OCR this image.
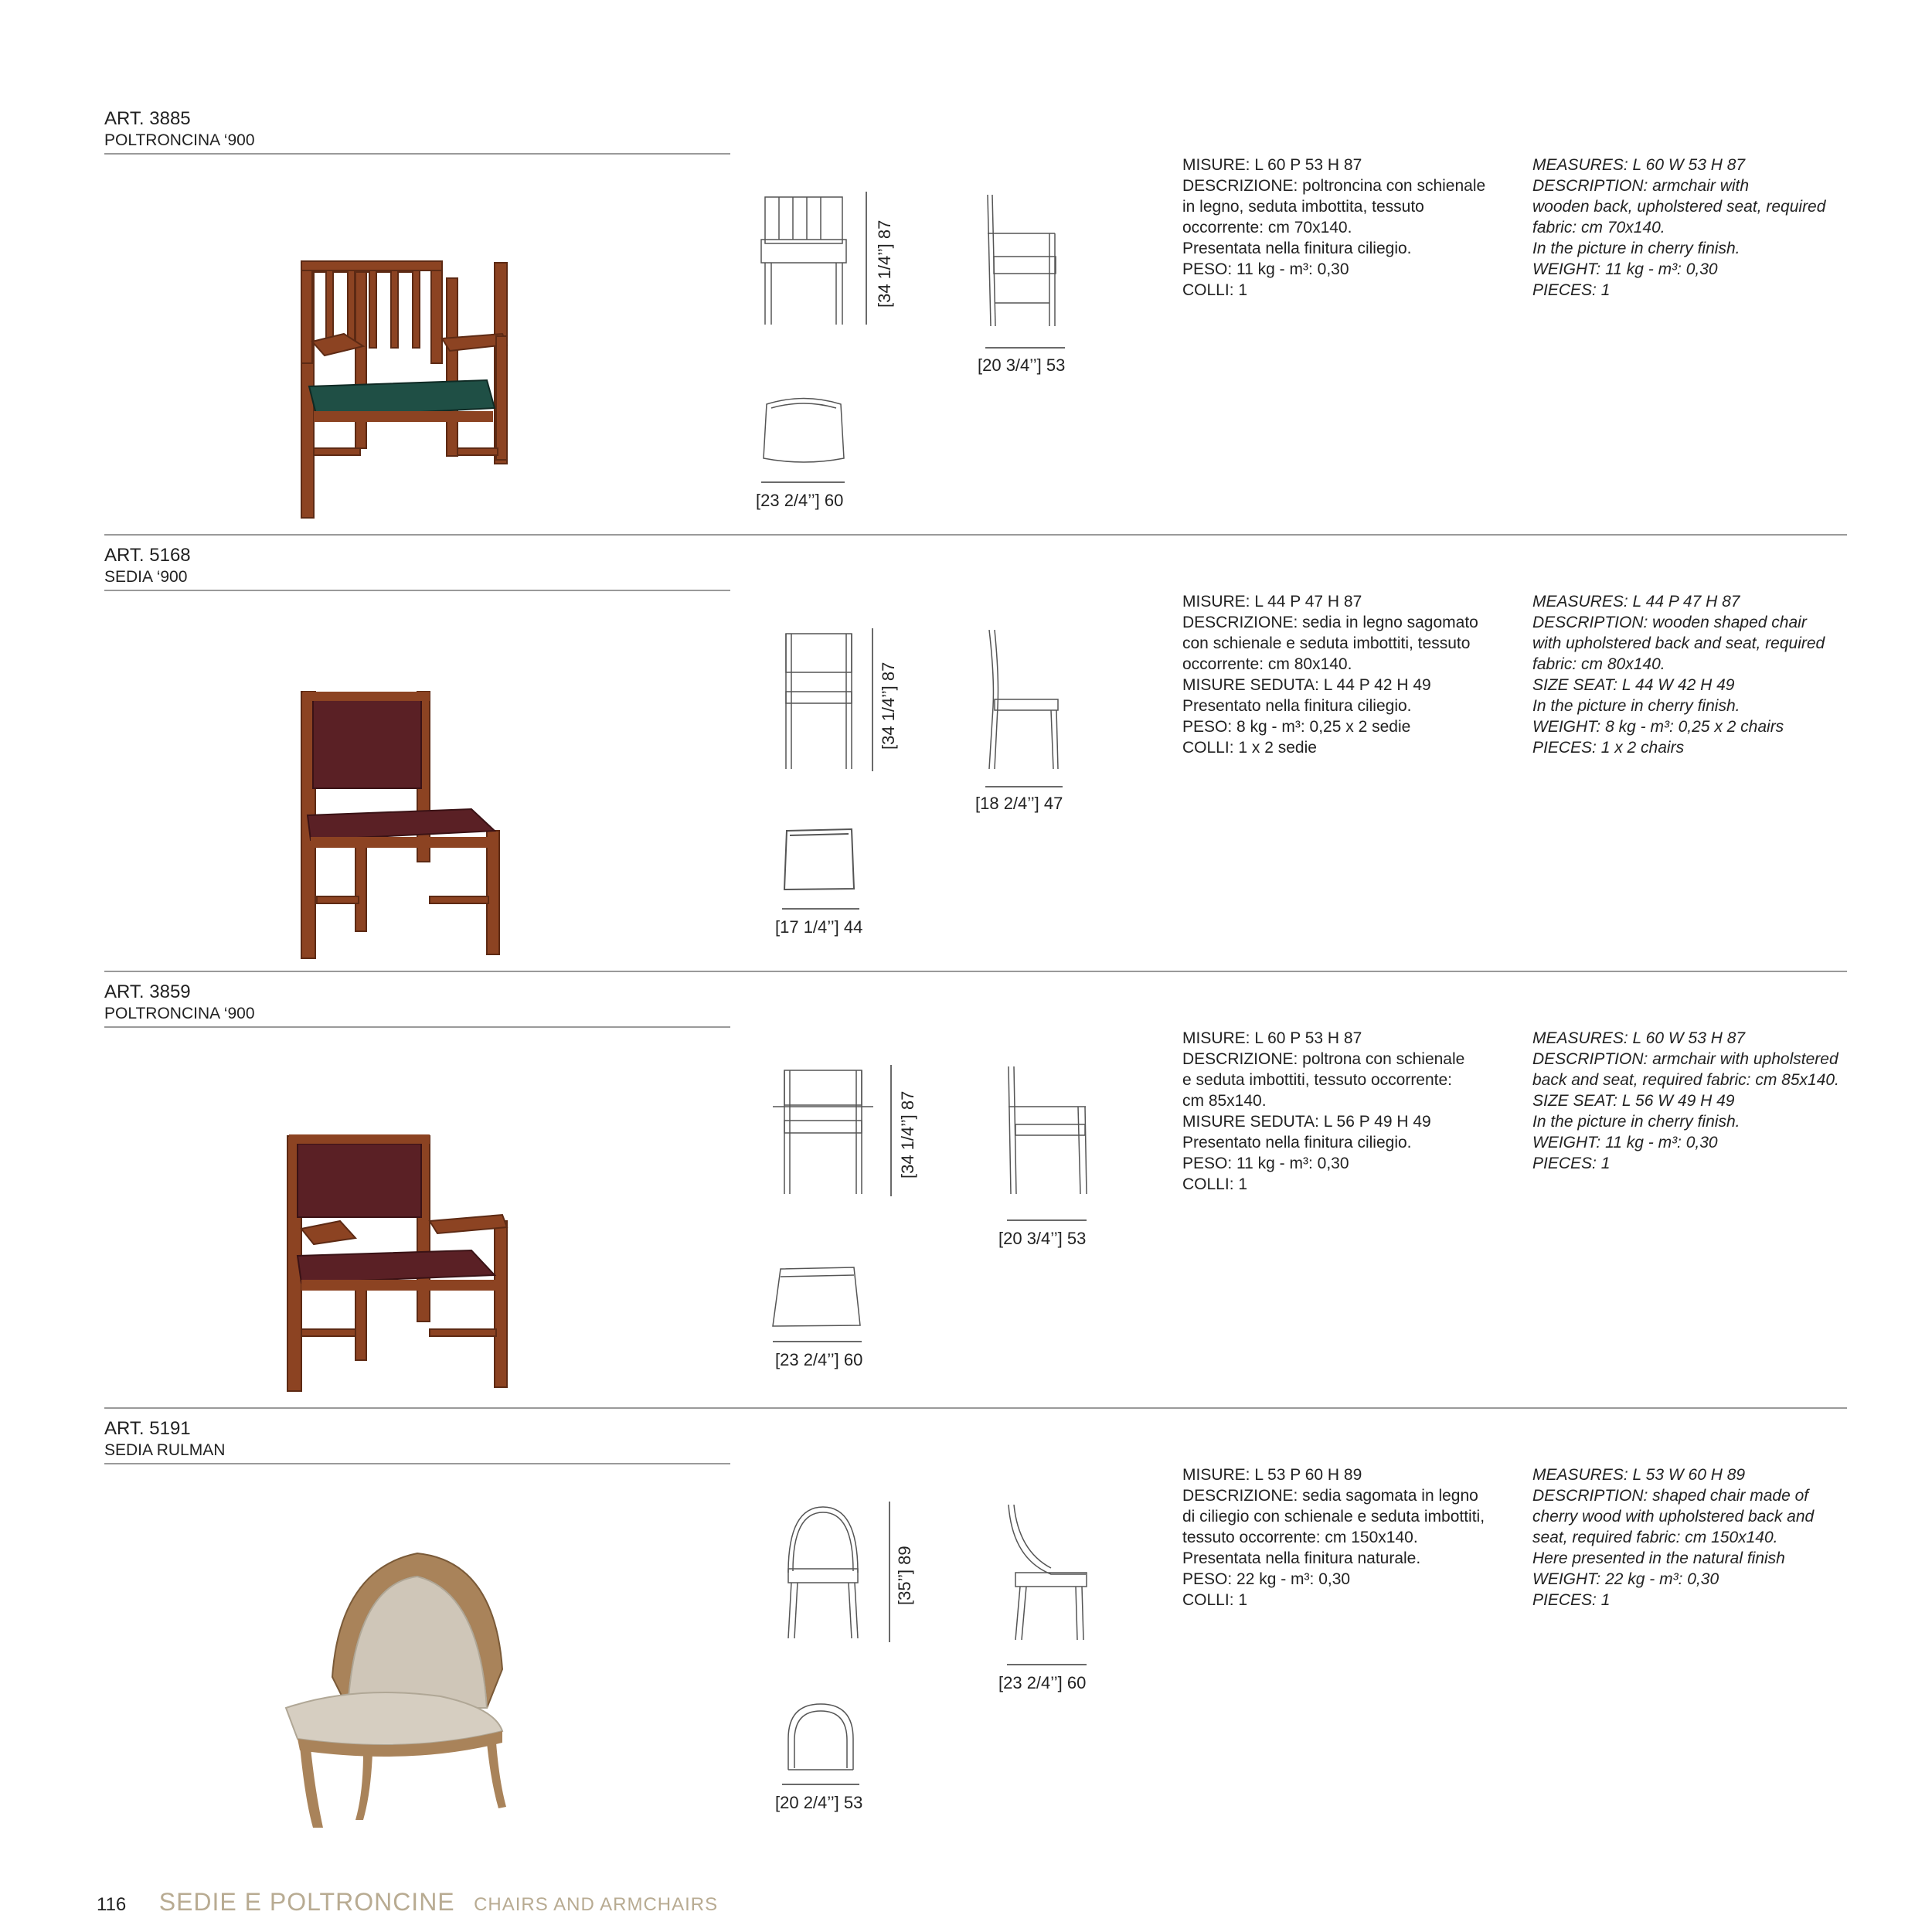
ART. 3885
POLTRONCINA ‘900
[34 1/4’’] 87
[20 3/4’’] 53
[23 2/4’’] 60
MISURE: L 60 P 53 H 87
DESCRIZIONE: poltroncina con schienale
in legno, seduta imbottita, tessuto
occorrente: cm 70x140.
Presentata nella finitura ciliegio.
PESO: 11 kg - m³: 0,30
COLLI: 1
MEASURES: L 60 W 53 H 87
DESCRIPTION: armchair with
wooden back, upholstered seat, required
fabric: cm 70x140.
In the picture in cherry finish.
WEIGHT: 11 kg - m³: 0,30
PIECES: 1
ART. 5168
SEDIA ‘900
[34 1/4’’] 87
[18 2/4’’] 47
[17 1/4’’] 44
MISURE: L 44 P 47 H 87
DESCRIZIONE: sedia in legno sagomato
con schienale e seduta imbottiti, tessuto
occorrente: cm 80x140.
MISURE SEDUTA: L 44 P 42 H 49
Presentato nella finitura ciliegio.
PESO: 8 kg - m³: 0,25 x 2 sedie
COLLI: 1 x 2 sedie
MEASURES: L 44 P 47 H 87
DESCRIPTION: wooden shaped chair
with upholstered back and seat, required
fabric: cm 80x140.
SIZE SEAT: L 44 W 42 H 49
In the picture in cherry finish.
WEIGHT: 8 kg - m³: 0,25 x 2 chairs
PIECES: 1 x 2 chairs
ART. 3859
POLTRONCINA ‘900
[34 1/4’’] 87
[20 3/4’’] 53
[23 2/4’’] 60
MISURE: L 60 P 53 H 87
DESCRIZIONE: poltrona con schienale
e seduta imbottiti, tessuto occorrente:
cm 85x140.
MISURE SEDUTA: L 56 P 49 H 49
Presentato nella finitura ciliegio.
PESO: 11 kg - m³: 0,30
COLLI: 1
MEASURES: L 60 W 53 H 87
DESCRIPTION: armchair with upholstered
back and seat, required fabric: cm 85x140.
SIZE SEAT: L 56 W 49 H 49
In the picture in cherry finish.
WEIGHT: 11 kg - m³: 0,30
PIECES: 1
ART. 5191
SEDIA RULMAN
[35’’] 89
[23 2/4’’] 60
[20 2/4’’] 53
MISURE: L 53 P 60 H 89
DESCRIZIONE: sedia sagomata in legno
di ciliegio con schienale e seduta imbottiti,
tessuto occorrente: cm 150x140.
Presentata nella finitura naturale.
PESO: 22 kg - m³: 0,30
COLLI: 1
MEASURES: L 53 W 60 H 89
DESCRIPTION: shaped chair made of
cherry wood with upholstered back and
seat, required fabric: cm 150x140.
Here presented in the natural finish
WEIGHT: 22 kg - m³: 0,30
PIECES: 1
116 SEDIE E POLTRONCINE CHAIRS AND ARMCHAIRS
